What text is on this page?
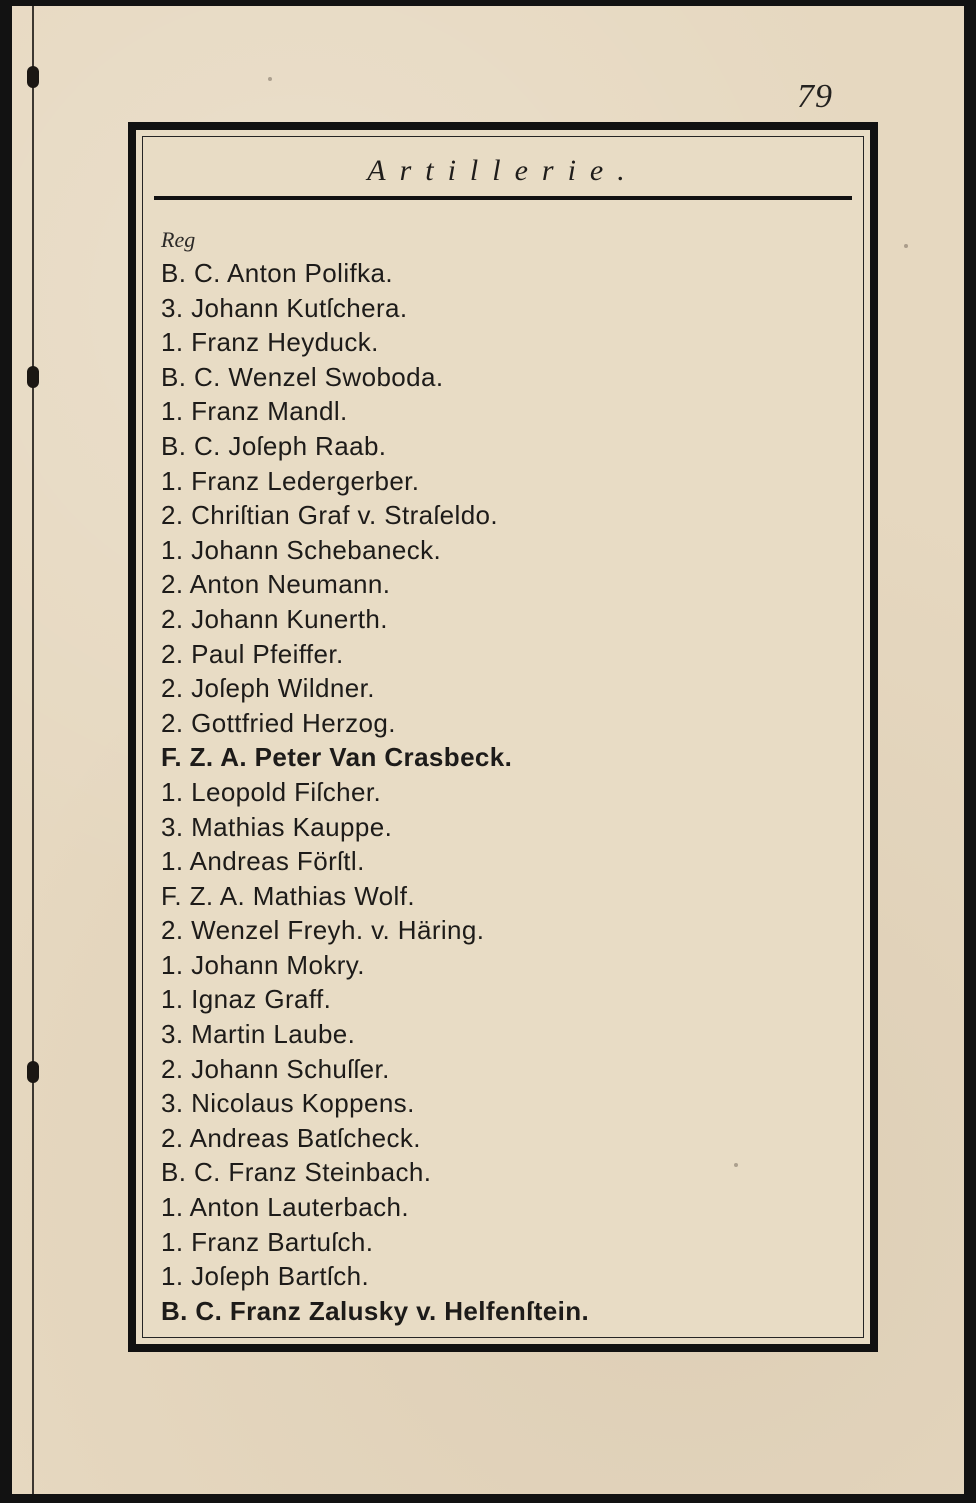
79
Artillerie.
Reg
B. C. Anton Polifka.
3. Johann Kutſchera.
1. Franz Heyduck.
B. C. Wenzel Swoboda.
1. Franz Mandl.
B. C. Joſeph Raab.
1. Franz Ledergerber.
2. Chriſtian Graf v. Straſeldo.
1. Johann Schebaneck.
2. Anton Neumann.
2. Johann Kunerth.
2. Paul Pfeiffer.
2. Joſeph Wildner.
2. Gottfried Herzog.
F. Z. A. Peter Van Crasbeck.
1. Leopold Fiſcher.
3. Mathias Kauppe.
1. Andreas Förſtl.
F. Z. A. Mathias Wolf.
2. Wenzel Freyh. v. Häring.
1. Johann Mokry.
1. Ignaz Graff.
3. Martin Laube.
2. Johann Schuſſer.
3. Nicolaus Koppens.
2. Andreas Batſcheck.
B. C. Franz Steinbach.
1. Anton Lauterbach.
1. Franz Bartuſch.
1. Joſeph Bartſch.
B. C. Franz Zalusky v. Helfenſtein.
